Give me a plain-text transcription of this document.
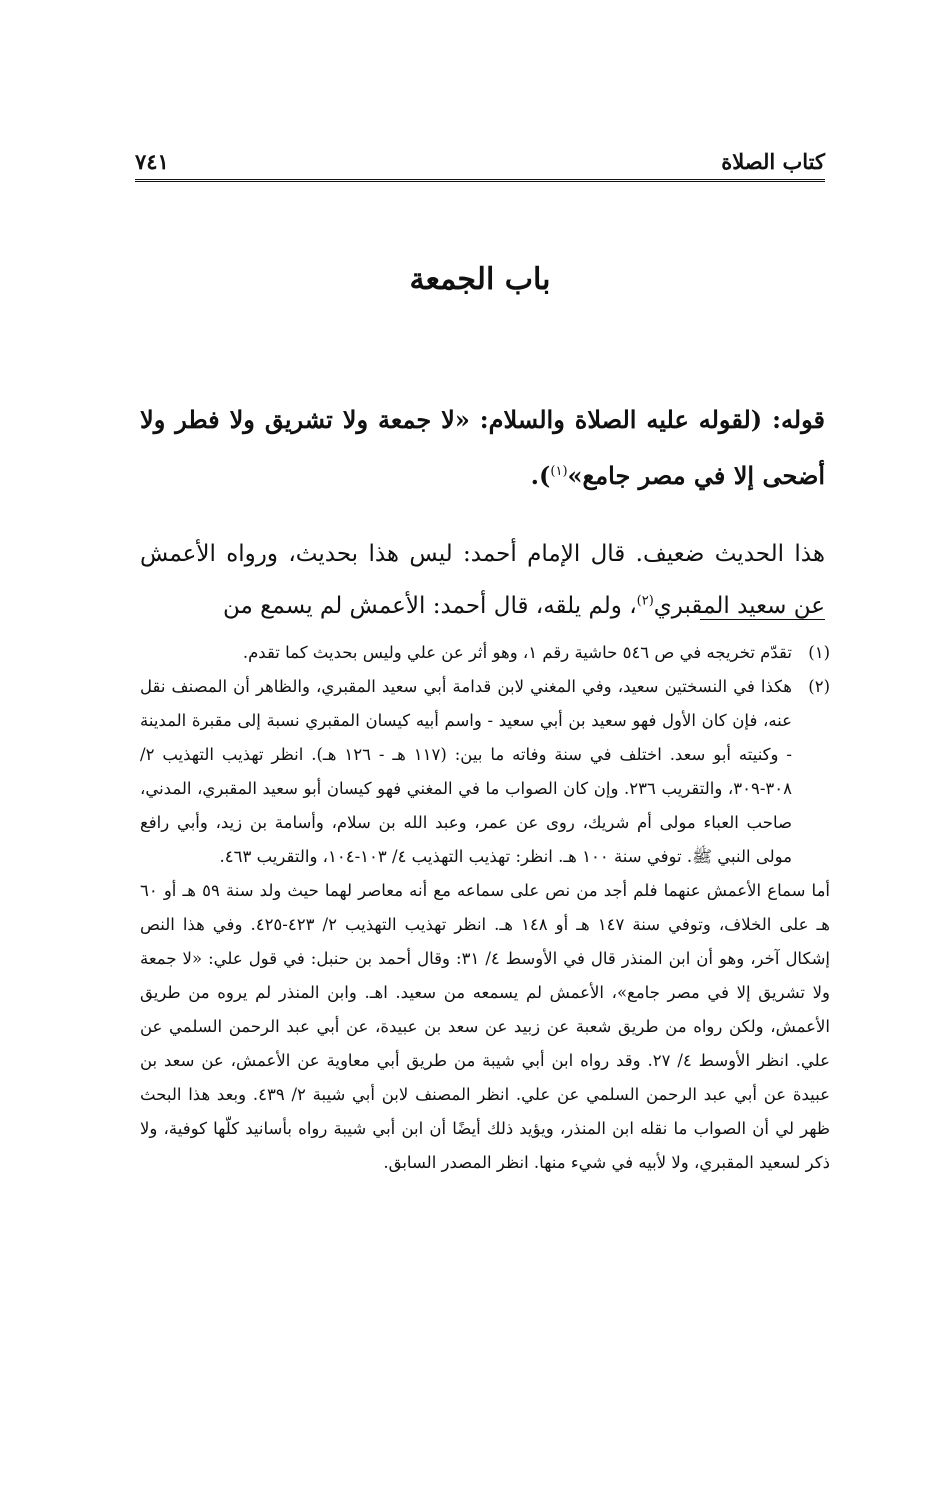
٧٤١	كتاب الصلاة
باب الجمعة

قوله: (لقوله عليه الصلاة والسلام: «لا جمعة ولا تشريق ولا فطر ولا أضحى إلا في مصر جامع»$^{(١)}$).

هذا الحديث ضعيف. قال الإمام أحمد: ليس هذا بحديث، ورواه الأعمش عن سعيد المقبري$^{(٢)}$، ولم يلقه، قال أحمد: الأعمش لم يسمع من

(١)
تقدّم تخريجه في ص ٥٤٦ حاشية رقم ١، وهو أثر عن علي وليس بحديث كما تقدم.
(٢)
هكذا في النسختين سعيد، وفي المغني لابن قدامة أبي سعيد المقبري، والظاهر أن المصنف نقل عنه، فإن كان الأول فهو سعيد بن أبي سعيد - واسم أبيه كيسان المقبري نسبة إلى مقبرة المدينة - وكنيته أبو سعد. اختلف في سنة وفاته ما بين: (١١٧ هـ - ١٢٦ هـ). انظر تهذيب التهذيب ٢/ ٣٠٨-٣٠٩، والتقريب ٢٣٦. وإن كان الصواب ما في المغني فهو كيسان أبو سعيد المقبري، المدني، صاحب العباء مولى أم شريك، روى عن عمر، وعبد الله بن سلام، وأسامة بن زيد، وأبي رافع مولى النبي ﷺ. توفي سنة ١٠٠ هـ. انظر: تهذيب التهذيب ٤/ ١٠٣-١٠٤، والتقريب ٤٦٣.

أما سماع الأعمش عنهما فلم أجد من نص على سماعه مع أنه معاصر لهما حيث ولد سنة ٥٩ هـ أو ٦٠ هـ على الخلاف، وتوفي سنة ١٤٧ هـ أو ١٤٨ هـ. انظر تهذيب التهذيب ٢/ ٤٢٣-٤٢٥. وفي هذا النص إشكال آخر، وهو أن ابن المنذر قال في الأوسط ٤/ ٣١: وقال أحمد بن حنبل: في قول علي: «لا جمعة ولا تشريق إلا في مصر جامع»، الأعمش لم يسمعه من سعيد. اهـ. وابن المنذر لم يروه من طريق الأعمش، ولكن رواه من طريق شعبة عن زبيد عن سعد بن عبيدة، عن أبي عبد الرحمن السلمي عن علي. انظر الأوسط ٤/ ٢٧. وقد رواه ابن أبي شيبة من طريق أبي معاوية عن الأعمش، عن سعد بن عبيدة عن أبي عبد الرحمن السلمي عن علي. انظر المصنف لابن أبي شيبة ٢/ ٤٣٩. وبعد هذا البحث ظهر لي أن الصواب ما نقله ابن المنذر، ويؤيد ذلك أيضًا أن ابن أبي شيبة رواه بأسانيد كلّها كوفية، ولا ذكر لسعيد المقبري، ولا لأبيه في شيء منها. انظر المصدر السابق.
